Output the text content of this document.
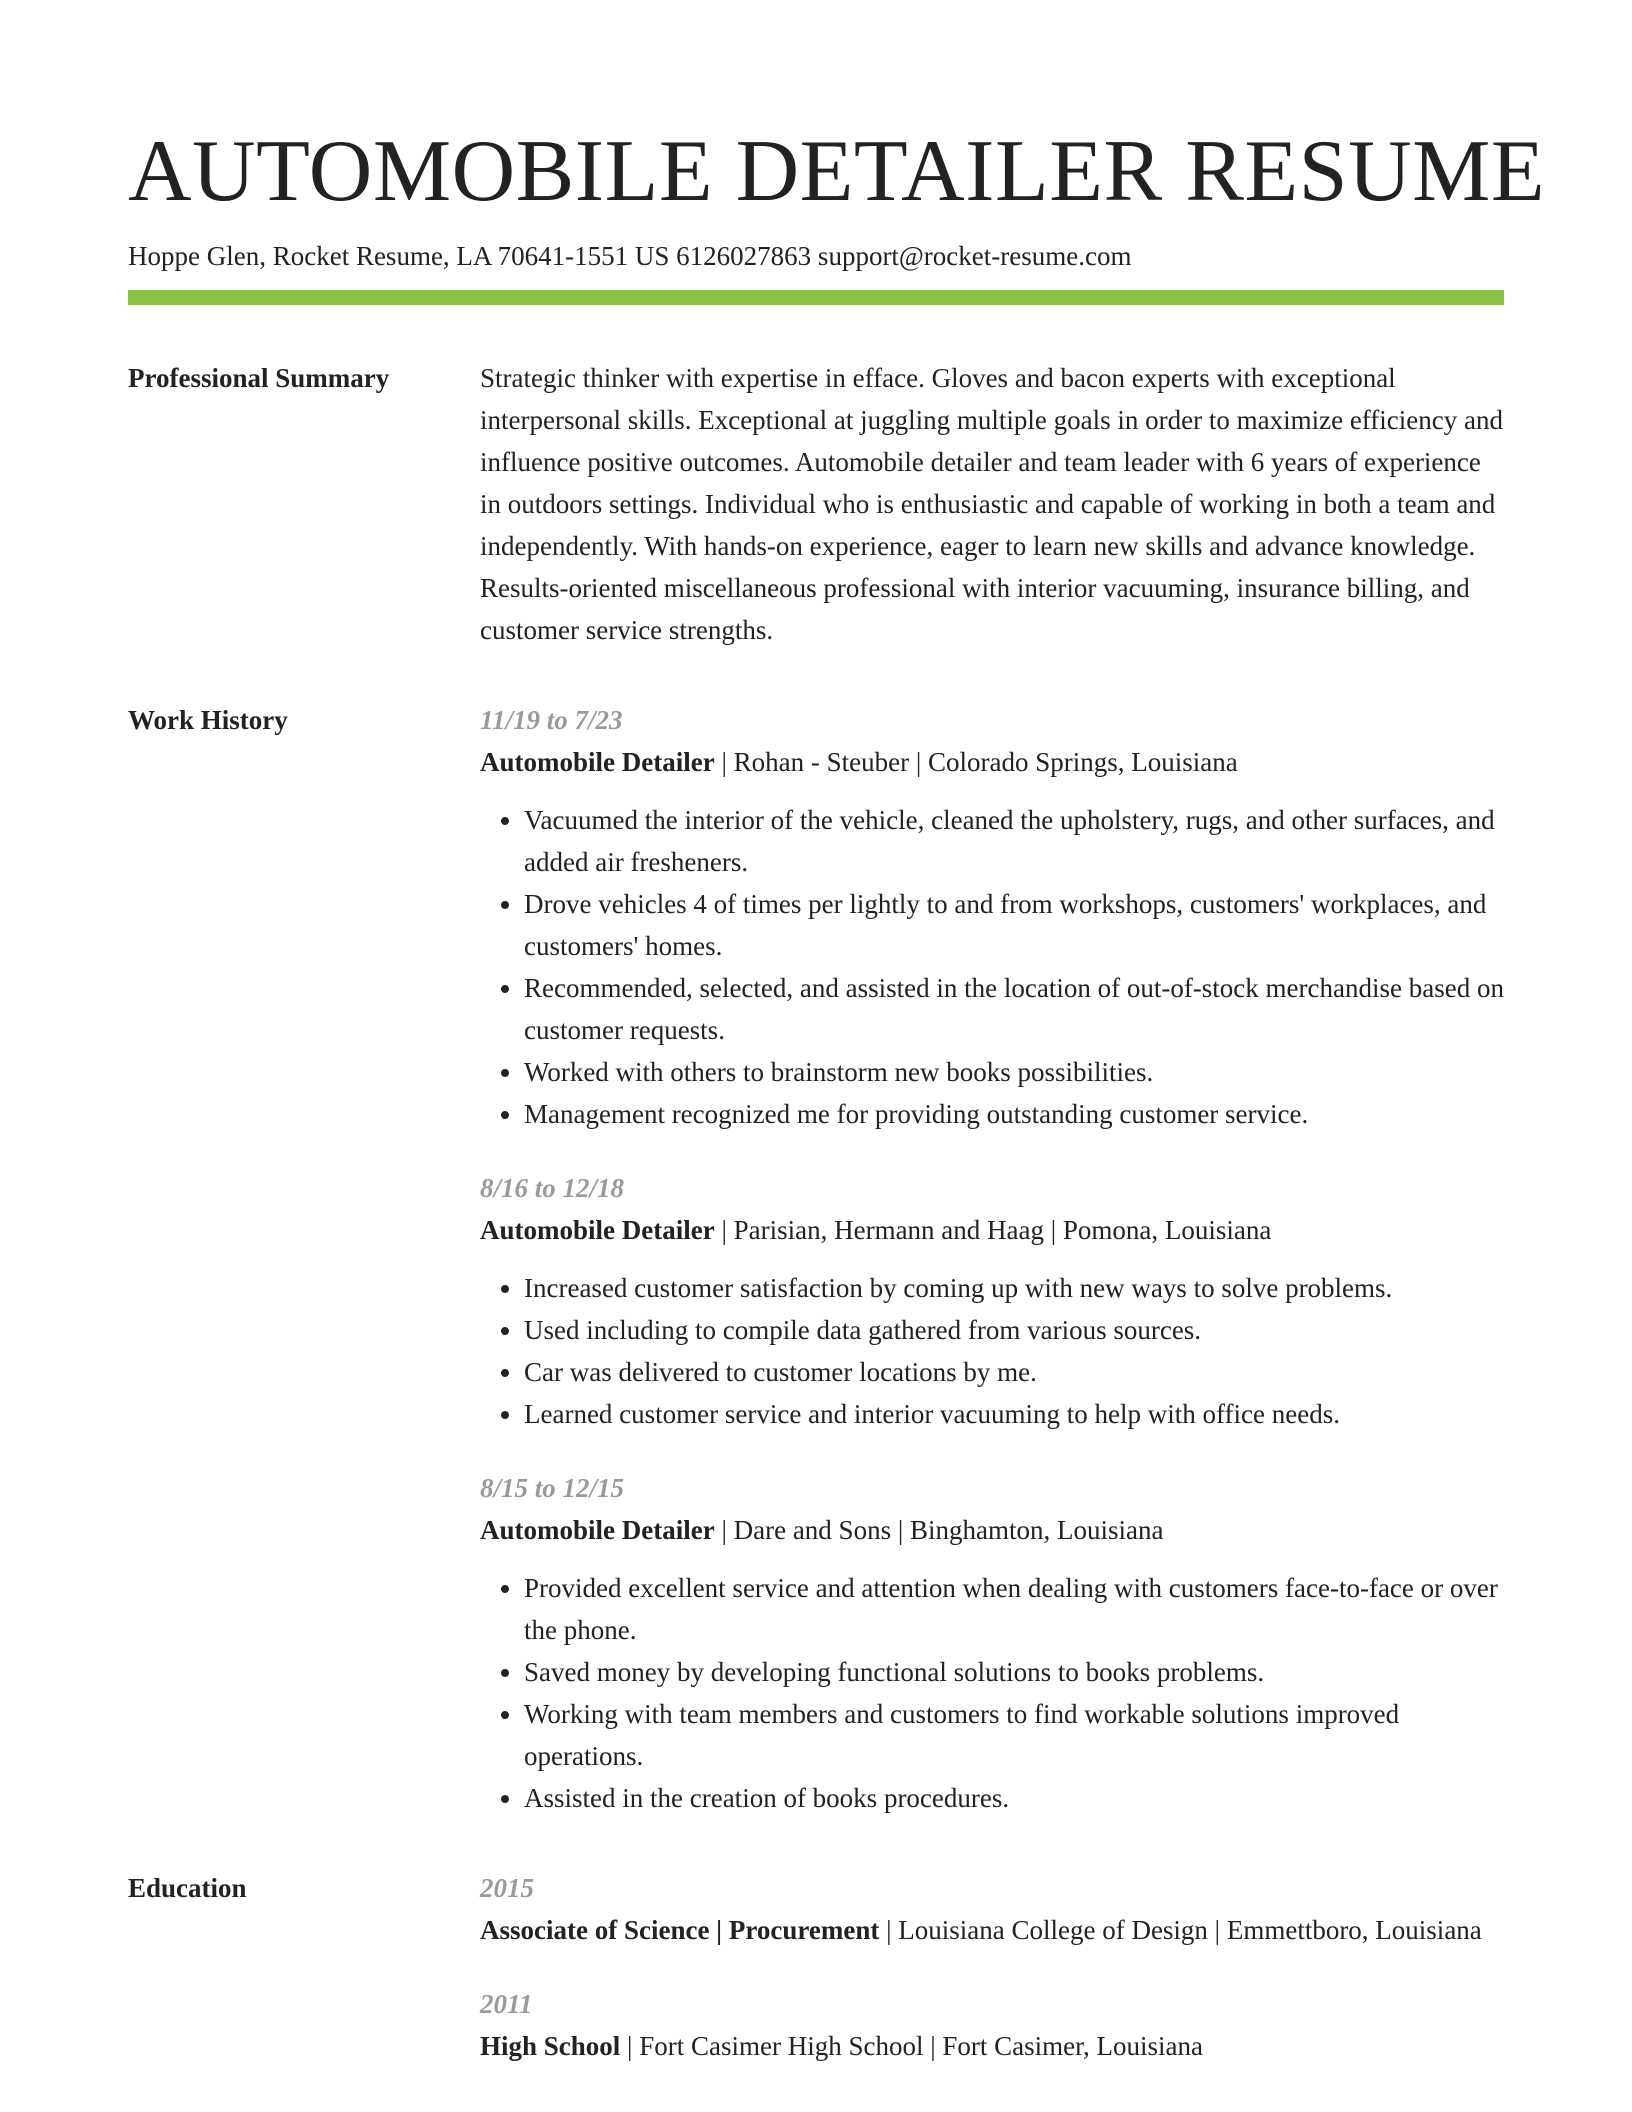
AUTOMOBILE DETAILER RESUME
Hoppe Glen, Rocket Resume, LA 70641-1551 US 6126027863 support@rocket-resume.com
Professional Summary	Strategic thinker with expertise in efface. Gloves and bacon experts with exceptional interpersonal skills. Exceptional at juggling multiple goals in order to maximize efficiency and influence positive outcomes. Automobile detailer and team leader with 6 years of experience in outdoors settings. Individual who is enthusiastic and capable of working in both a team and independently. With hands-on experience, eager to learn new skills and advance knowledge. Results-oriented miscellaneous professional with interior vacuuming, insurance billing, and customer service strengths.

Work History	11/19 to 7/23
Automobile Detailer | Rohan - Steuber | Colorado Springs, Louisiana
• Vacuumed the interior of the vehicle, cleaned the upholstery, rugs, and other surfaces, and added air fresheners.
• Drove vehicles 4 of times per lightly to and from workshops, customers' workplaces, and customers' homes.
• Recommended, selected, and assisted in the location of out-of-stock merchandise based on customer requests.
• Worked with others to brainstorm new books possibilities.
• Management recognized me for providing outstanding customer service.
8/16 to 12/18
Automobile Detailer | Parisian, Hermann and Haag | Pomona, Louisiana
• Increased customer satisfaction by coming up with new ways to solve problems.
• Used including to compile data gathered from various sources.
• Car was delivered to customer locations by me.
• Learned customer service and interior vacuuming to help with office needs.
8/15 to 12/15
Automobile Detailer | Dare and Sons | Binghamton, Louisiana
• Provided excellent service and attention when dealing with customers face-to-face or over the phone.
• Saved money by developing functional solutions to books problems.
• Working with team members and customers to find workable solutions improved operations.
• Assisted in the creation of books procedures.
Education	2015
Associate of Science | Procurement | Louisiana College of Design | Emmettboro, Louisiana
2011
High School | Fort Casimer High School | Fort Casimer, Louisiana
